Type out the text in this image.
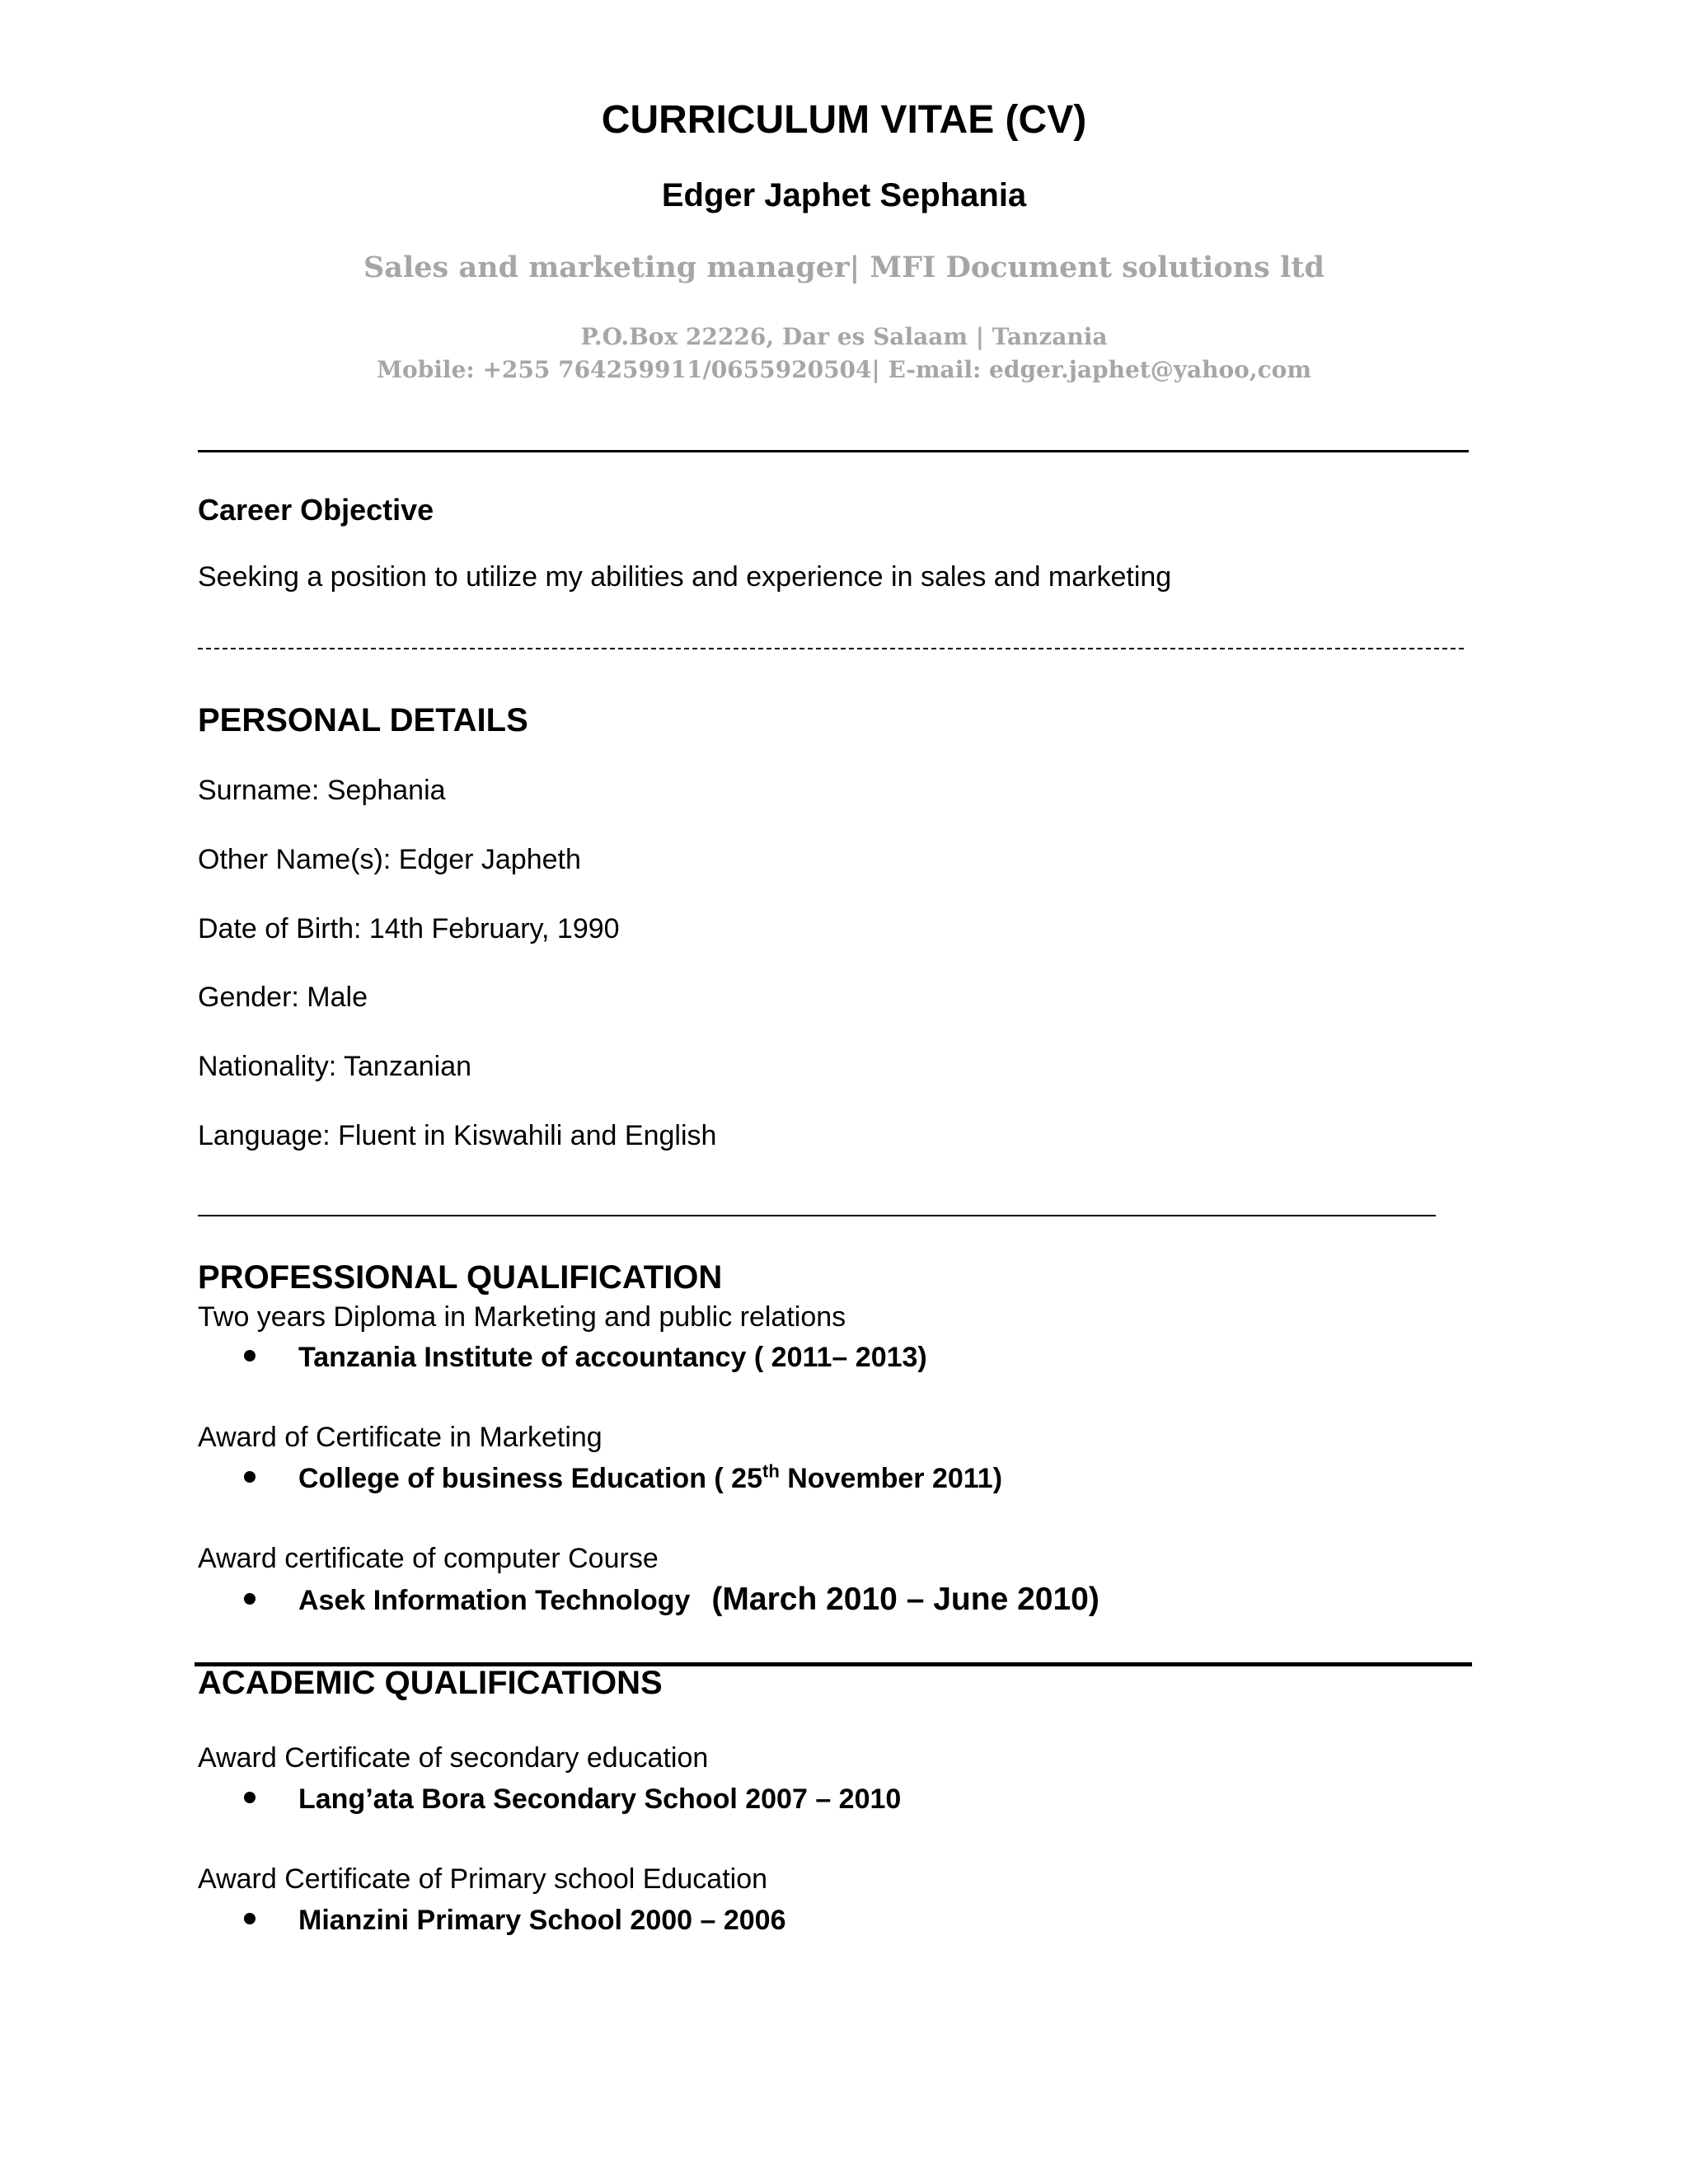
CURRICULUM VITAE (CV)
Edger Japhet Sephania
Sales and marketing manager| MFI Document solutions ltd
P.O.Box 22226, Dar es Salaam | Tanzania
Mobile: +255 764259911/0655920504| E-mail: edger.japhet@yahoo,com
Career Objective
Seeking a position to utilize my abilities and experience in sales and marketing
PERSONAL DETAILS
Surname: Sephania
Other Name(s): Edger Japheth
Date of Birth: 14th February, 1990
Gender: Male
Nationality: Tanzanian
Language: Fluent in Kiswahili and English
PROFESSIONAL QUALIFICATION
Two years Diploma in Marketing and public relations
Tanzania Institute of accountancy ( 2011– 2013)
Award of Certificate in Marketing
College of business Education ( 25th November 2011)
Award certificate of computer Course
Asek Information Technology (March 2010 – June 2010)
ACADEMIC QUALIFICATIONS
Award Certificate of secondary education
Lang’ata Bora Secondary School 2007 – 2010
Award Certificate of Primary school Education
Mianzini Primary School 2000 – 2006
